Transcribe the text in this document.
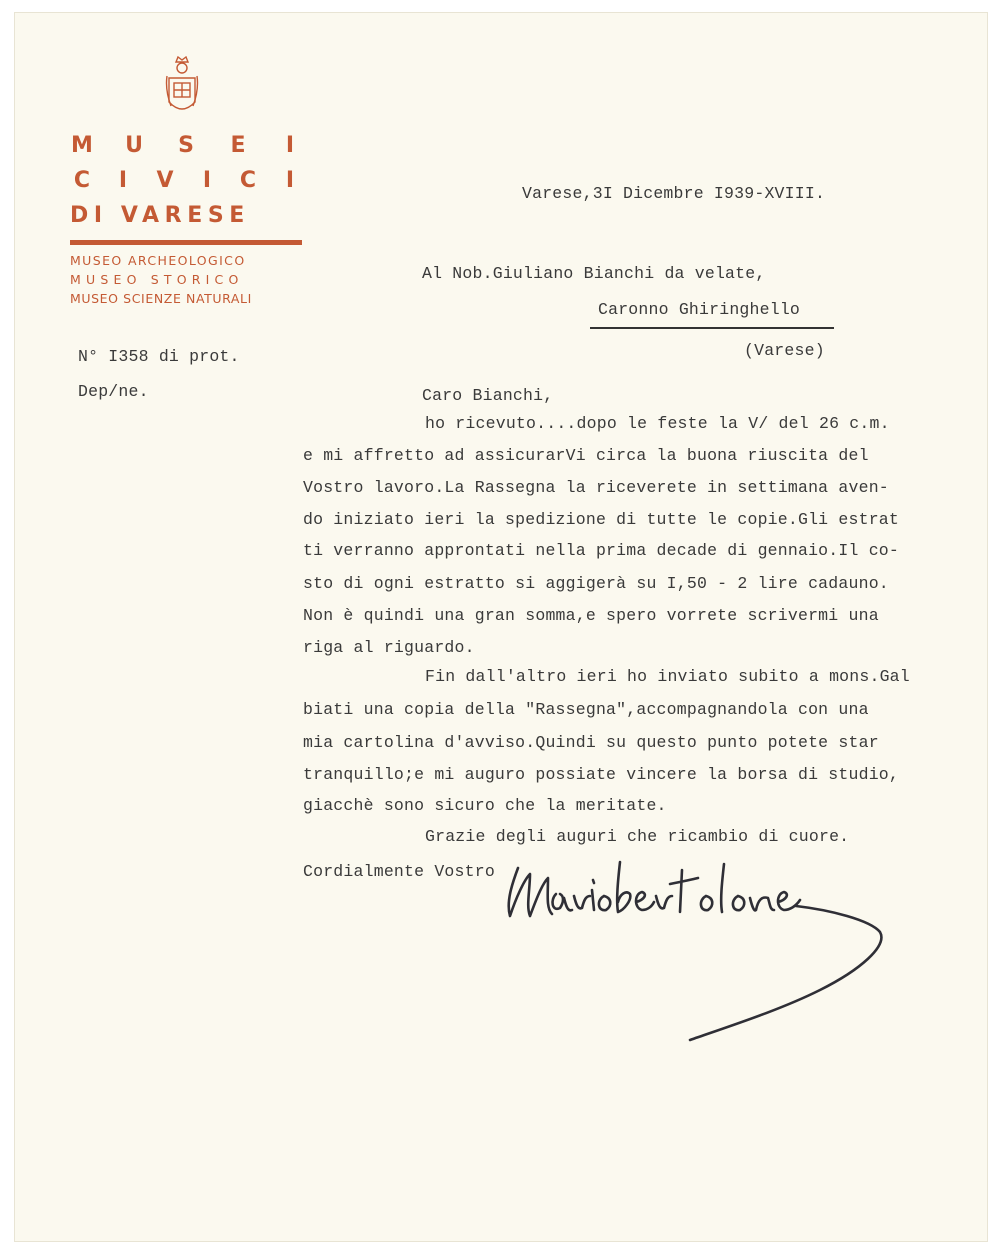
M U S E	I
C	I	V	I	C	I
DI VARESE
MUSEO ARCHEOLOGICO
MUSEO STORICO
MUSEO SCIENZE NATURALI
N° I358 di prot.
Dep/ne.
Varese,3I Dicembre I939-XVIII.
Al Nob.Giuliano Bianchi da velate,
Caronno Ghiringhello
(Varese)
Caro Bianchi,
ho ricevuto....dopo le feste la V/ del 26 c.m.
e mi affretto ad assicurarVi circa la buona riuscita del
Vostro lavoro.La Rassegna la riceverete in settimana aven-
do iniziato ieri la spedizione di tutte le copie.Gli estrat
ti verranno approntati nella prima decade di gennaio.Il co-
sto di ogni estratto si aggigerà su I,50 - 2 lire cadauno.
Non è quindi una gran somma,e spero vorrete scrivermi una
riga al riguardo.
Fin dall'altro ieri ho inviato subito a mons.Gal
biati una copia della "Rassegna",accompagnandola con una
mia cartolina d'avviso.Quindi su questo punto potete star
tranquillo;e mi auguro possiate vincere la borsa di studio,
giacchè sono sicuro che la meritate.
Grazie degli auguri che ricambio di cuore.
Cordialmente Vostro
